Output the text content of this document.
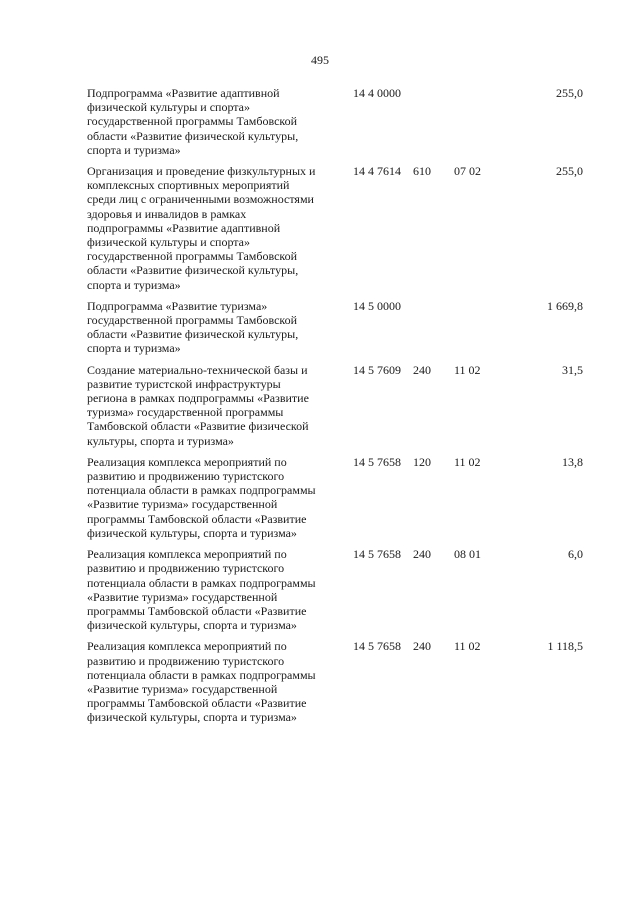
495
Подпрограмма «Развитие адаптивной
физической культуры и спорта»
государственной программы Тамбовской
области «Развитие физической культуры,
спорта и туризма»
14 4 0000	255,0
Организация и проведение физкультурных и
комплексных спортивных мероприятий
среди лиц с ограниченными возможностями
здоровья и инвалидов в рамках
подпрограммы «Развитие адаптивной
физической культуры и спорта»
государственной программы Тамбовской
области «Развитие физической культуры,
спорта и туризма»
14 4 7614 610 07 02	255,0
Подпрограмма «Развитие туризма»
государственной программы Тамбовской
области «Развитие физической культуры,
спорта и туризма»
14 5 0000	1 669,8
Создание материально-технической базы и
развитие туристской инфраструктуры
региона в рамках подпрограммы «Развитие
туризма» государственной программы
Тамбовской области «Развитие физической
культуры, спорта и туризма»
14 5 7609 240 11 02	31,5
Реализация комплекса мероприятий по
развитию и продвижению туристского
потенциала области в рамках подпрограммы
«Развитие туризма» государственной
программы Тамбовской области «Развитие
физической культуры, спорта и туризма»
14 5 7658 120 11 02	13,8
Реализация комплекса мероприятий по
развитию и продвижению туристского
потенциала области в рамках подпрограммы
«Развитие туризма» государственной
программы Тамбовской области «Развитие
физической культуры, спорта и туризма»
14 5 7658 240 08 01	6,0
Реализация комплекса мероприятий по
развитию и продвижению туристского
потенциала области в рамках подпрограммы
«Развитие туризма» государственной
программы Тамбовской области «Развитие
физической культуры, спорта и туризма»
14 5 7658 240 11 02	1 118,5
